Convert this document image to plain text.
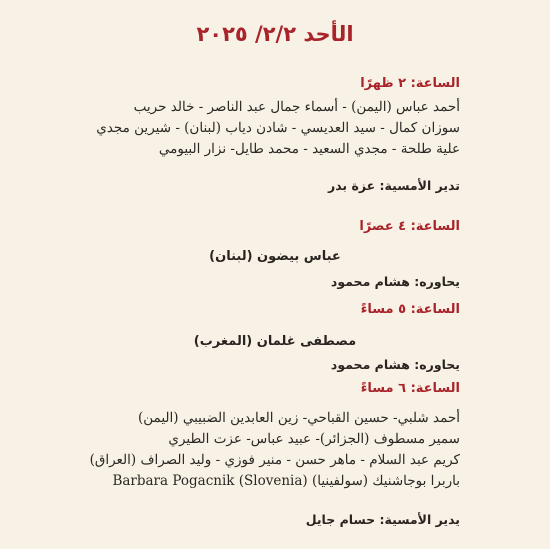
الأحد ٢/٢/ ٢٠٢٥
الساعة: ٢ ظهرًا
أحمد عباس (اليمن) - أسماء جمال عبد الناصر - خالد حريب
سوزان كمال - سيد العديسي - شادن دياب (لبنان) - شيرين مجدي
علية طلحة - مجدي السعيد - محمد طايل- نزار البيومي
تدير الأمسية: عزة بدر
الساعة: ٤ عصرًا
عباس بيضون (لبنان)
يحاوره: هشام محمود
الساعة: ٥ مساءً
مصطفى غلمان (المغرب)
يحاوره: هشام محمود
الساعة: ٦ مساءً
أحمد شلبي- حسين القباحي- زين العابدين الضبيبي (اليمن)
سمير مسطوف (الجزائر)- عبيد عباس- عزت الطيري
كريم عبد السلام - ماهر حسن - منير فوزي - وليد الصراف (العراق)
باربرا بوجاشنيك (سولفينيا) Barbara Pogacnik (Slovenia)
يدير الأمسية: حسام جايل
